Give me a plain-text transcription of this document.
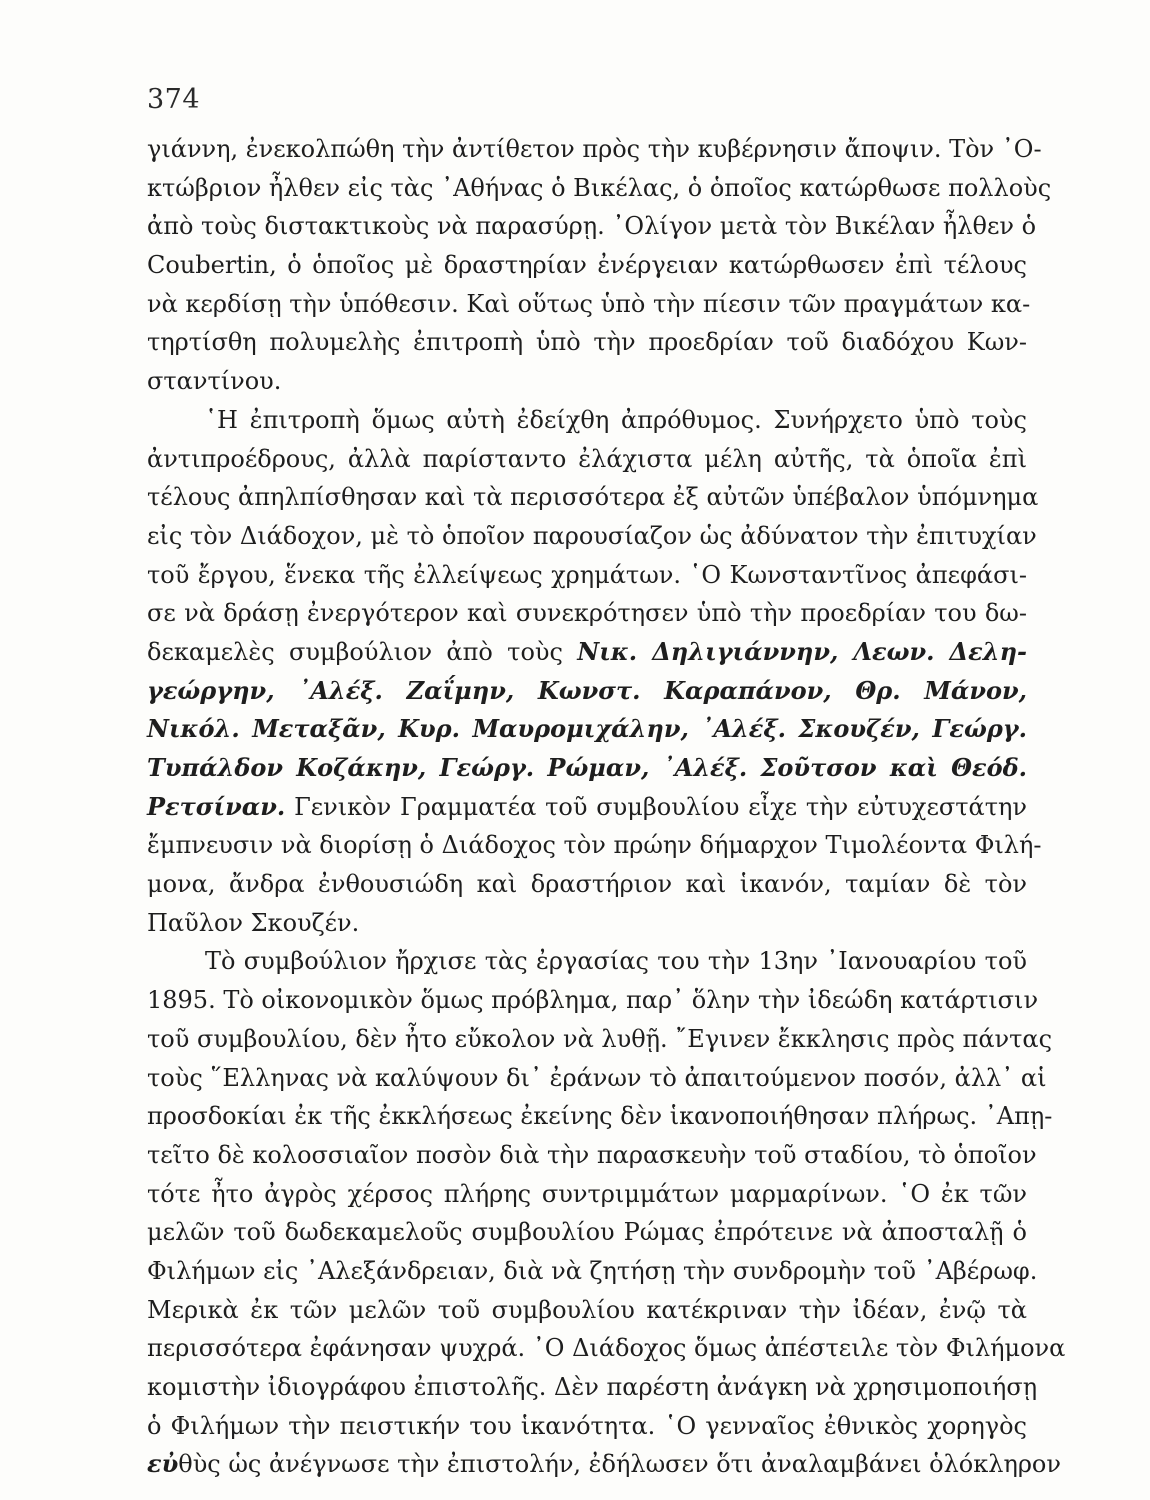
374
γιάννη, ἐνεκολπώθη τὴν ἀντίθετον πρὸς τὴν κυβέρνησιν ἄποψιν. Τὸν ᾿Ο-
κτώβριον ἦλθεν εἰς τὰς ᾿Αθήνας ὁ Βικέλας, ὁ ὁποῖος κατώρθωσε πολλοὺς
ἀπὸ τοὺς διστακτικοὺς νὰ παρασύρῃ. ᾿Ολίγον μετὰ τὸν Βικέλαν ἦλθεν ὁ
Coubertin, ὁ ὁποῖος μὲ δραστηρίαν ἐνέργειαν κατώρθωσεν ἐπὶ τέλους
νὰ κερδίσῃ τὴν ὑπόθεσιν. Καὶ οὕτως ὑπὸ τὴν πίεσιν τῶν πραγμάτων κα-
τηρτίσθη πολυμελὴς ἐπιτροπὴ ὑπὸ τὴν προεδρίαν τοῦ διαδόχου Κων-
σταντίνου.
῾Η ἐπιτροπὴ ὅμως αὐτὴ ἐδείχθη ἀπρόθυμος. Συνήρχετο ὑπὸ τοὺς
ἀντιπροέδρους, ἀλλὰ παρίσταντο ἐλάχιστα μέλη αὐτῆς, τὰ ὁποῖα ἐπὶ
τέλους ἀπηλπίσθησαν καὶ τὰ περισσότερα ἐξ αὐτῶν ὑπέβαλον ὑπόμνημα
εἰς τὸν Διάδοχον, μὲ τὸ ὁποῖον παρουσίαζον ὡς ἀδύνατον τὴν ἐπιτυχίαν
τοῦ ἔργου, ἕνεκα τῆς ἐλλείψεως χρημάτων. ῾Ο Κωνσταντῖνος ἀπεφάσι-
σε νὰ δράσῃ ἐνεργότερον καὶ συνεκρότησεν ὑπὸ τὴν προεδρίαν του δω-
δεκαμελὲς συμβούλιον ἀπὸ τοὺς Νικ. Δηλιγιάννην, Λεων. Δελη-
γεώργην, ᾿Αλέξ. Ζαΐμην, Κωνστ. Καραπάνον, Θρ. Μάνον,
Νικόλ. Μεταξᾶν, Κυρ. Μαυρομιχάλην, ᾿Αλέξ. Σκουζέν, Γεώργ.
Τυπάλδον Κοζάκην, Γεώργ. Ρώμαν, ᾿Αλέξ. Σοῦτσον καὶ Θεόδ.
Ρετσίναν. Γενικὸν Γραμματέα τοῦ συμβουλίου εἶχε τὴν εὐτυχεστάτην
ἔμπνευσιν νὰ διορίσῃ ὁ Διάδοχος τὸν πρώην δήμαρχον Τιμολέοντα Φιλή-
μονα, ἄνδρα ἐνθουσιώδη καὶ δραστήριον καὶ ἱκανόν, ταμίαν δὲ τὸν
Παῦλον Σκουζέν.
Τὸ συμβούλιον ἤρχισε τὰς ἐργασίας του τὴν 13ην ᾿Ιανουαρίου τοῦ
1895. Τὸ οἰκονομικὸν ὅμως πρόβλημα, παρ᾿ ὅλην τὴν ἰδεώδη κατάρτισιν
τοῦ συμβουλίου, δὲν ἦτο εὔκολον νὰ λυθῇ. ῎Εγινεν ἔκκλησις πρὸς πάντας
τοὺς ῞Ελληνας νὰ καλύψουν δι᾿ ἐράνων τὸ ἀπαιτούμενον ποσόν, ἀλλ᾿ αἱ
προσδοκίαι ἐκ τῆς ἐκκλήσεως ἐκείνης δὲν ἱκανοποιήθησαν πλήρως. ᾿Απῃ-
τεῖτο δὲ κολοσσιαῖον ποσὸν διὰ τὴν παρασκευὴν τοῦ σταδίου, τὸ ὁποῖον
τότε ἦτο ἀγρὸς χέρσος πλήρης συντριμμάτων μαρμαρίνων. ῾Ο ἐκ τῶν
μελῶν τοῦ δωδεκαμελοῦς συμβουλίου Ρώμας ἐπρότεινε νὰ ἀποσταλῇ ὁ
Φιλήμων εἰς ᾿Αλεξάνδρειαν, διὰ νὰ ζητήσῃ τὴν συνδρομὴν τοῦ ᾿Αβέρωφ.
Μερικὰ ἐκ τῶν μελῶν τοῦ συμβουλίου κατέκριναν τὴν ἰδέαν, ἐνῷ τὰ
περισσότερα ἐφάνησαν ψυχρά. ᾿Ο Διάδοχος ὅμως ἀπέστειλε τὸν Φιλήμονα
κομιστὴν ἰδιογράφου ἐπιστολῆς. Δὲν παρέστη ἀνάγκη νὰ χρησιμοποιήσῃ
ὁ Φιλήμων τὴν πειστικήν του ἱκανότητα. ῾Ο γενναῖος ἐθνικὸς χορηγὸς
εὐθὺς ὡς ἀνέγνωσε τὴν ἐπιστολήν, ἐδήλωσεν ὅτι ἀναλαμβάνει ὁλόκληρον
